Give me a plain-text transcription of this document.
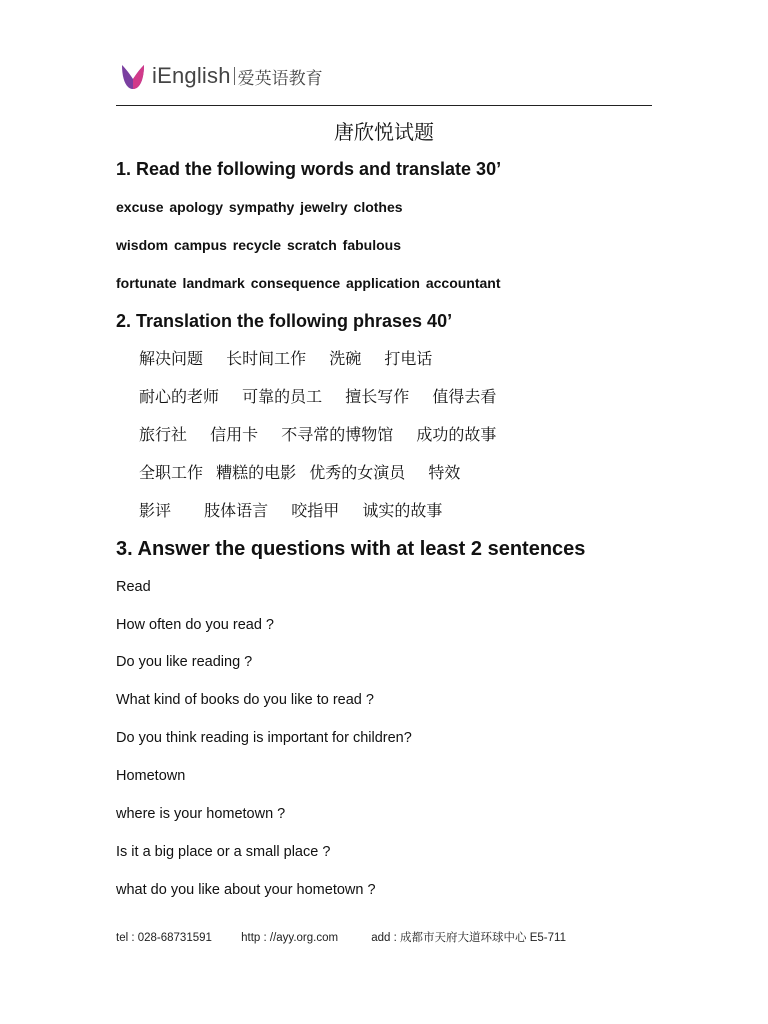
iEnglish 爱英语教育
唐欣悦试题
1. Read the following words and translate 30’
excuse apology sympathy jewelry clothes
wisdom campus recycle scratch fabulous
fortunate landmark consequence application accountant
2. Translation the following phrases 40’
解决问题 长时间工作 洗碗 打电话
耐心的老师 可靠的员工 擅长写作 值得去看
旅行社 信用卡 不寻常的博物馆 成功的故事
全职工作 糟糕的电影 优秀的女演员 特效
影评 肢体语言 咬指甲 诚实的故事
3. Answer the questions with at least 2 sentences
Read
How often do you read ?
Do you like reading ?
What kind of books do you like to read ?
Do you think reading is important for children?
Hometown
where is your hometown ?
Is it a big place or a small place ?
what do you like about your hometown ?
tel : 028-68731591	http : //ayy.org.com	add : 成都市天府大道环球中心 E5-711
